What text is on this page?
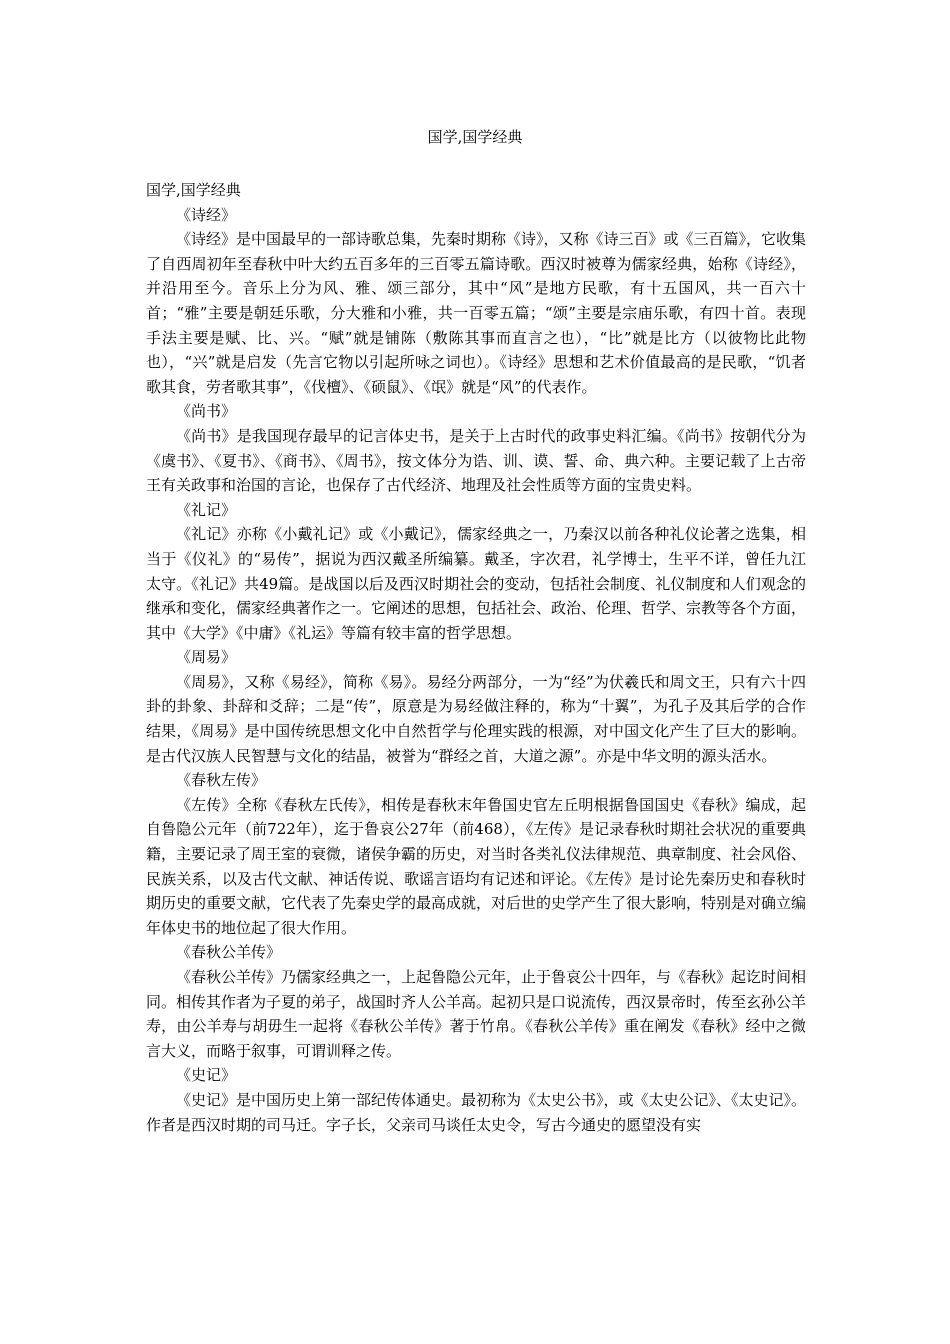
国学,国学经典

国学,国学经典

《诗经》

《诗经》是中国最早的一部诗歌总集，先秦时期称《诗》，又称《诗三百》或《三百篇》，它收集了自西周初年至春秋中叶大约五百多年的三百零五篇诗歌。西汉时被尊为儒家经典，始称《诗经》，并沿用至今。音乐上分为风、雅、颂三部分，其中“风”是地方民歌，有十五国风，共一百六十首；“雅”主要是朝廷乐歌，分大雅和小雅，共一百零五篇；“颂”主要是宗庙乐歌，有四十首。表现手法主要是赋、比、兴。“赋”就是铺陈（敷陈其事而直言之也），“比”就是比方（以彼物比此物也），“兴”就是启发（先言它物以引起所咏之词也）。《诗经》思想和艺术价值最高的是民歌，“饥者歌其食，劳者歌其事”，《伐檀》、《硕鼠》、《氓》就是“风”的代表作。

《尚书》

《尚书》是我国现存最早的记言体史书，是关于上古时代的政事史料汇编。《尚书》按朝代分为《虞书》、《夏书》、《商书》、《周书》，按文体分为诰、训、谟、誓、命、典六种。主要记载了上古帝王有关政事和治国的言论，也保存了古代经济、地理及社会性质等方面的宝贵史料。

《礼记》

《礼记》亦称《小戴礼记》或《小戴记》，儒家经典之一，乃秦汉以前各种礼仪论著之选集，相当于《仪礼》的“易传”，据说为西汉戴圣所编纂。戴圣，字次君，礼学博士，生平不详，曾任九江太守。《礼记》共49篇。是战国以后及西汉时期社会的变动，包括社会制度、礼仪制度和人们观念的继承和变化，儒家经典著作之一。它阐述的思想，包括社会、政治、伦理、哲学、宗教等各个方面，其中《大学》《中庸》《礼运》等篇有较丰富的哲学思想。

《周易》

《周易》，又称《易经》，简称《易》。易经分两部分，一为“经”为伏羲氏和周文王，只有六十四卦的卦象、卦辞和爻辞；二是“传”，原意是为易经做注释的，称为“十翼”，为孔子及其后学的合作结果，《周易》是中国传统思想文化中自然哲学与伦理实践的根源，对中国文化产生了巨大的影响。是古代汉族人民智慧与文化的结晶，被誉为“群经之首，大道之源”。亦是中华文明的源头活水。

《春秋左传》

《左传》全称《春秋左氏传》，相传是春秋末年鲁国史官左丘明根据鲁国国史《春秋》编成，起自鲁隐公元年（前722年），迄于鲁哀公27年（前468），《左传》是记录春秋时期社会状况的重要典籍，主要记录了周王室的衰微，诸侯争霸的历史，对当时各类礼仪法律规范、典章制度、社会风俗、民族关系，以及古代文献、神话传说、歌谣言语均有记述和评论。《左传》是讨论先秦历史和春秋时期历史的重要文献，它代表了先秦史学的最高成就，对后世的史学产生了很大影响，特别是对确立编年体史书的地位起了很大作用。

《春秋公羊传》

《春秋公羊传》乃儒家经典之一，上起鲁隐公元年，止于鲁哀公十四年，与《春秋》起讫时间相同。相传其作者为子夏的弟子，战国时齐人公羊高。起初只是口说流传，西汉景帝时，传至玄孙公羊寿，由公羊寿与胡毋生一起将《春秋公羊传》著于竹帛。《春秋公羊传》重在阐发《春秋》经中之微言大义，而略于叙事，可谓训释之传。

《史记》

《史记》是中国历史上第一部纪传体通史。最初称为《太史公书》，或《太史公记》、《太史记》。作者是西汉时期的司马迁。字子长，父亲司马谈任太史令，写古今通史的愿望没有实
